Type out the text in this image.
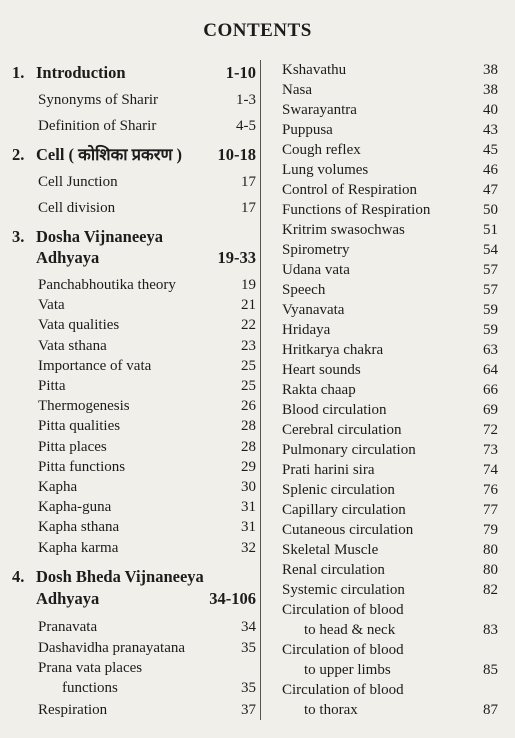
CONTENTS
1. Introduction	1-10
Synonyms of Sharir	1-3
Definition of Sharir	4-5
2. Cell ( कोशिका प्रकरण ) 10-18
Cell Junction	17
Cell division	17
3. Dosha Vijnaneeya
Adhyaya	19-33
Panchabhoutika theory	19
Vata	21
Vata qualities	22
Vata sthana	23
Importance of vata	25
Pitta	25
Thermogenesis	26
Pitta qualities	28
Pitta places	28
Pitta functions	29
Kapha	30
Kapha-guna	31
Kapha sthana	31
Kapha karma	32
4. Dosh Bheda Vijnaneeya
Adhyaya	34-106
Pranavata	34
Dashavidha pranayatana	35
Prana vata places
functions	35
Respiration	37
Kshavathu	38
Nasa	38
Swarayantra	40
Puppusa	43
Cough reflex	45
Lung volumes	46
Control of Respiration	47
Functions of Respiration	50
Kritrim swasochwas	51
Spirometry	54
Udana vata	57
Speech	57
Vyanavata	59
Hridaya	59
Hritkarya chakra	63
Heart sounds	64
Rakta chaap	66
Blood circulation	69
Cerebral circulation	72
Pulmonary circulation	73
Prati harini sira	74
Splenic circulation	76
Capillary circulation	77
Cutaneous circulation	79
Skeletal Muscle	80
Renal circulation	80
Systemic circulation	82
Circulation of blood
to head & neck	83
Circulation of blood
to upper limbs	85
Circulation of blood
to thorax	87
